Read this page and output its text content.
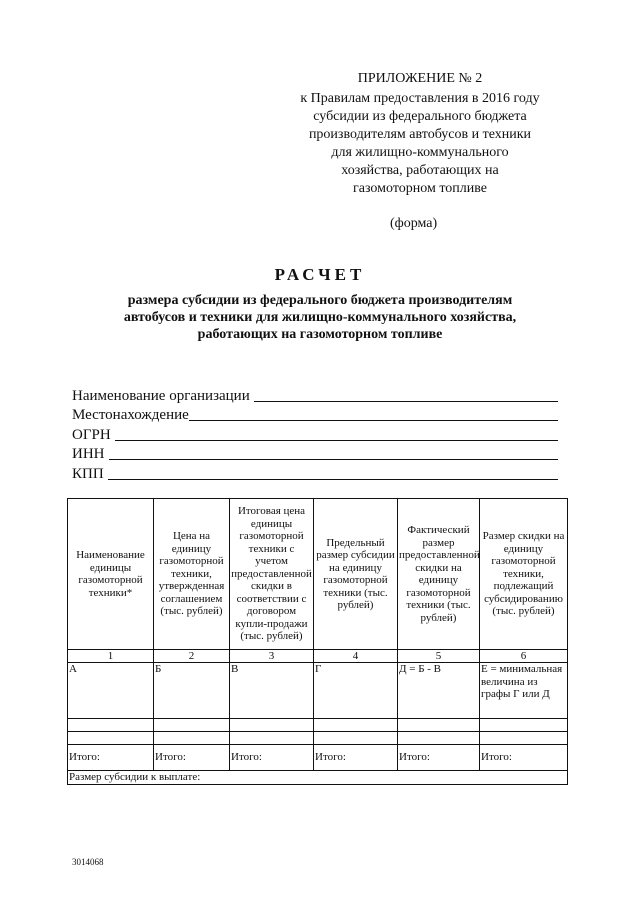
ПРИЛОЖЕНИЕ № 2
к Правилам предоставления в 2016 году
субсидии из федерального бюджета
производителям автобусов и техники
для жилищно-коммунального
хозяйства, работающих на
газомоторном топливе
(форма)
РАСЧЕТ
размера субсидии из федерального бюджета производителям
автобусов и техники для жилищно-коммунального хозяйства,
работающих на газомоторном топливе
Наименование организации
Местонахождение
ОГРН
ИНН
КПП
Наименование единицы газомоторной техники*	Цена на единицу газомоторной техники, утвержденная соглашением (тыс. рублей)	Итоговая цена единицы газомоторной техники с учетом предоставленной скидки в соответствии с договором купли-продажи (тыс. рублей)	Предельный размер субсидии на единицу газомоторной техники (тыс. рублей)	Фактический размер предоставленной скидки на единицу газомоторной техники (тыс. рублей)	Размер скидки на единицу газомоторной техники, подлежащий субсидированию (тыс. рублей)
1	2	3	4	5	6
А	Б	В	Г	Д = Б - В	Е = минимальная величина из графы Г или Д

Итого:	Итого:	Итого:	Итого:	Итого:	Итого:
Размер субсидии к выплате:					
3014068
